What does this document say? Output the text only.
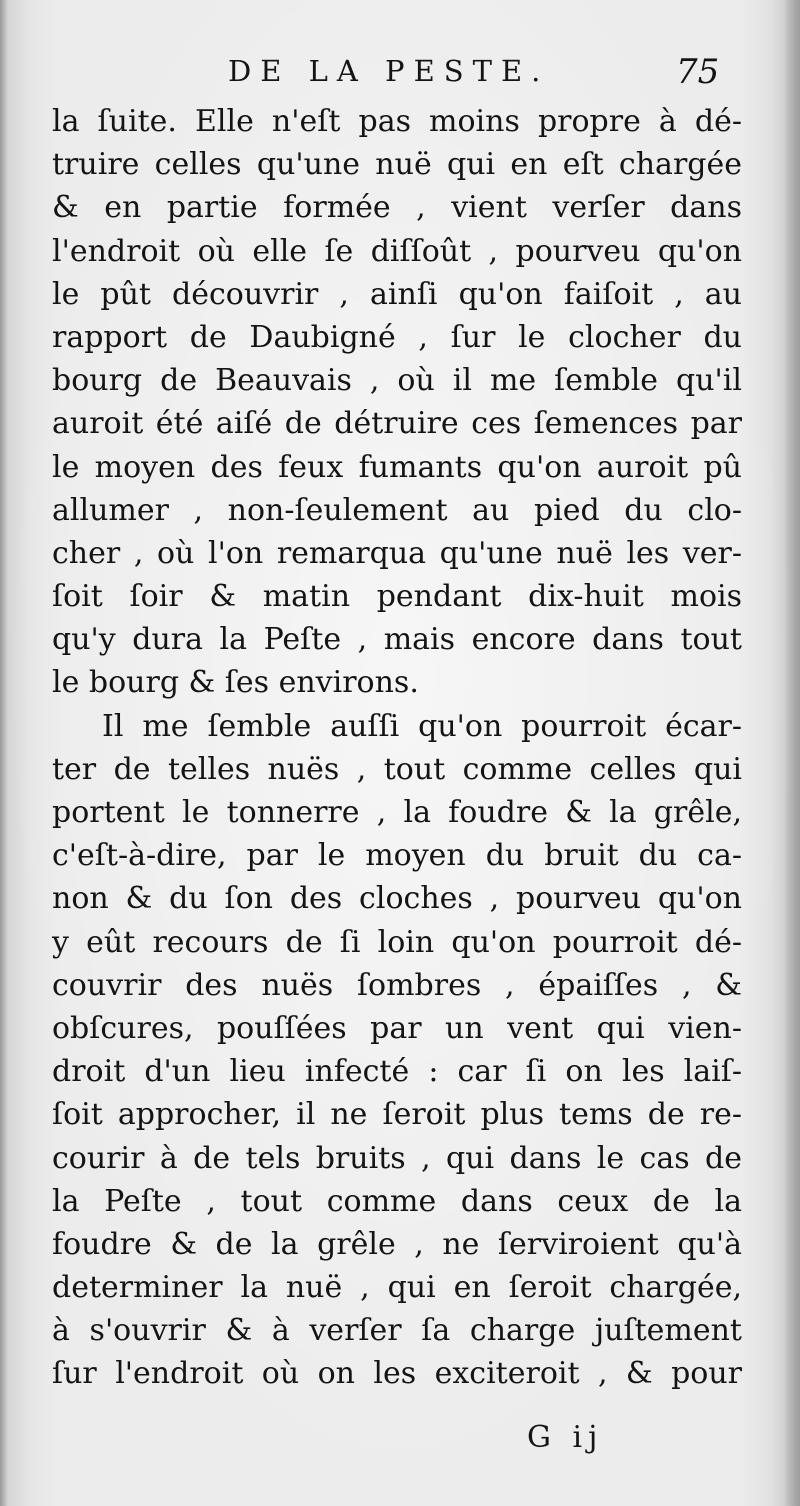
DE LA PESTE.	75
la ſuite. Elle n'eſt pas moins propre à dé-
truire celles qu'une nuë qui en eſt chargée
& en partie formée , vient verſer dans
l'endroit où elle ſe diſſoût , pourveu qu'on
le pût découvrir , ainſi qu'on faiſoit , au
rapport de Daubigné , ſur le clocher du
bourg de Beauvais , où il me ſemble qu'il
auroit été aiſé de détruire ces ſemences par
le moyen des feux fumants qu'on auroit pû
allumer , non-ſeulement au pied du clo-
cher , où l'on remarqua qu'une nuë les ver-
ſoit ſoir & matin pendant dix-huit mois
qu'y dura la Peſte , mais encore dans tout
le bourg & ſes environs.
Il me ſemble auſſi qu'on pourroit écar-
ter de telles nuës , tout comme celles qui
portent le tonnerre , la foudre & la grêle,
c'eſt-à-dire, par le moyen du bruit du ca-
non & du ſon des cloches , pourveu qu'on
y eût recours de ſi loin qu'on pourroit dé-
couvrir des nuës ſombres , épaiſſes , &
obſcures, pouſſées par un vent qui vien-
droit d'un lieu infecté : car ſi on les laiſ-
ſoit approcher, il ne ſeroit plus tems de re-
courir à de tels bruits , qui dans le cas de
la Peſte , tout comme dans ceux de la
foudre & de la grêle , ne ſerviroient qu'à
determiner la nuë , qui en ſeroit chargée,
à s'ouvrir & à verſer ſa charge juſtement
ſur l'endroit où on les exciteroit , & pour
G ij
